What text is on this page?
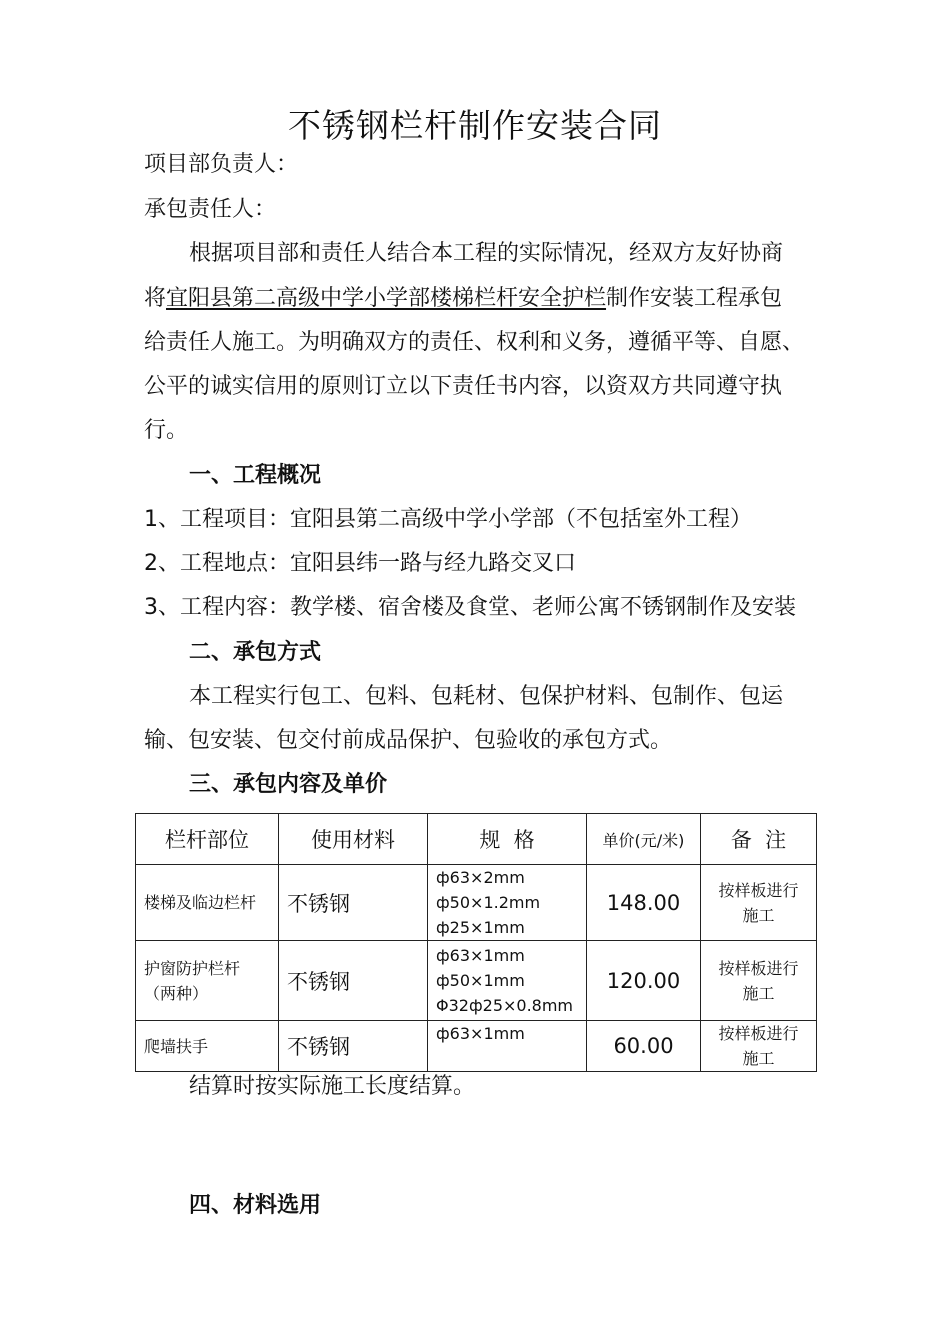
不锈钢栏杆制作安装合同
项目部负责人：
承包责任人：
根据项目部和责任人结合本工程的实际情况，经双方友好协商
将宜阳县第二高级中学小学部楼梯栏杆安全护栏制作安装工程承包
给责任人施工。为明确双方的责任、权利和义务，遵循平等、自愿、
公平的诚实信用的原则订立以下责任书内容，以资双方共同遵守执
行。
一、工程概况
1、工程项目：宜阳县第二高级中学小学部（不包括室外工程）
2、工程地点：宜阳县纬一路与经九路交叉口
3、工程内容：教学楼、宿舍楼及食堂、老师公寓不锈钢制作及安装
二、承包方式
本工程实行包工、包料、包耗材、包保护材料、包制作、包运
输、包安装、包交付前成品保护、包验收的承包方式。
三、承包内容及单价
栏杆部位	使用材料	规  格	单价(元/米)	备  注
楼梯及临边栏杆	不锈钢	ф63×2mm
ф50×1.2mm
ф25×1mm	148.00	按样板进行
施工

护窗防护栏杆
（两种）	不锈钢	ф63×1mm
ф50×1mm
Φ32ф25×0.8mm	120.00	按样板进行
施工

爬墙扶手	不锈钢	ф63×1mm	60.00	按样板进行
施工
结算时按实际施工长度结算。
四、材料选用
